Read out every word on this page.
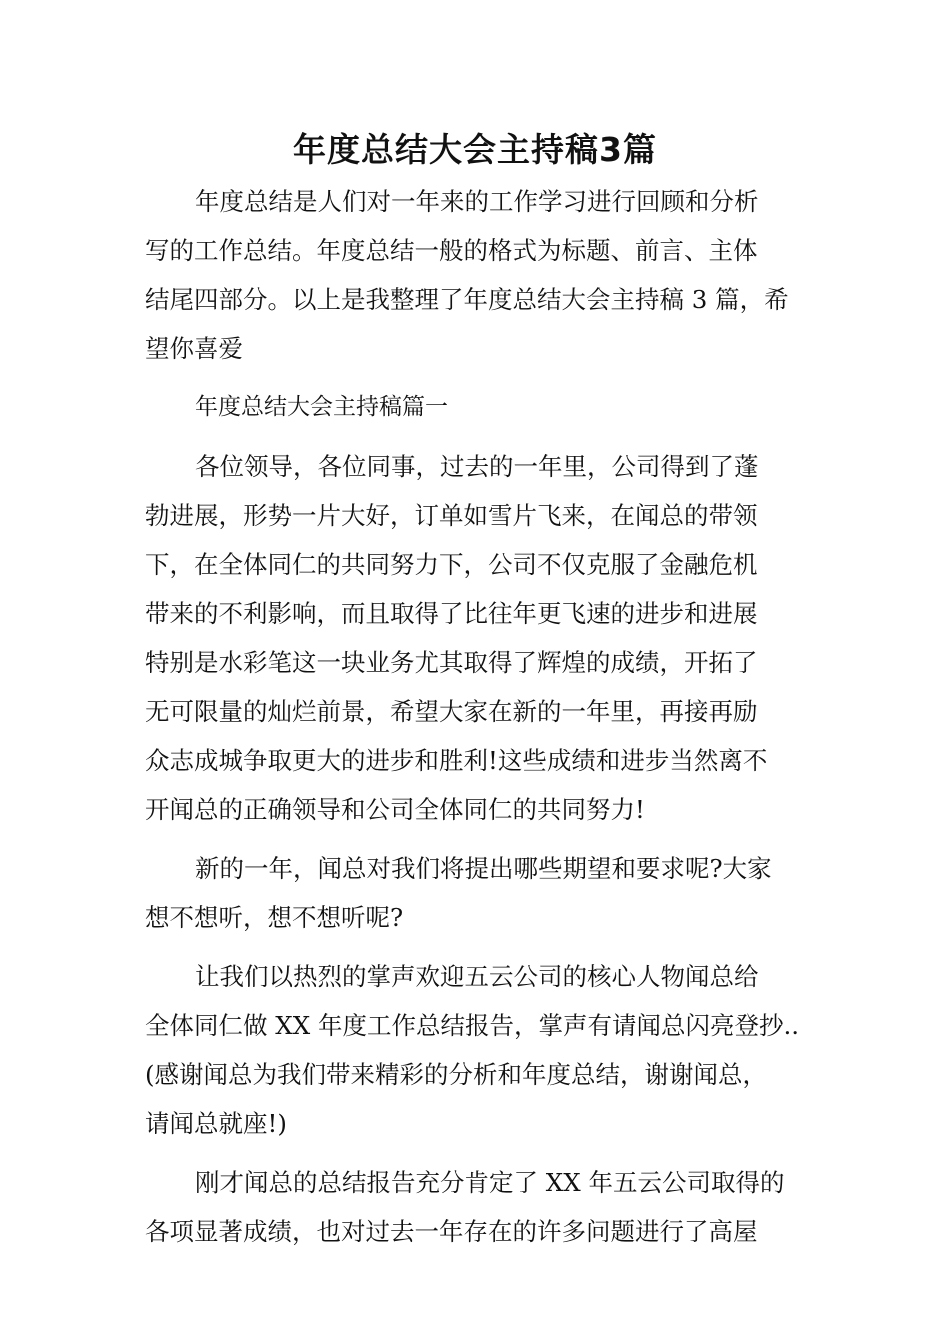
年度总结大会主持稿3篇
年度总结是人们对一年来的工作学习进行回顾和分析
写的工作总结。年度总结一般的格式为标题、前言、主体
结尾四部分。以上是我整理了年度总结大会主持稿 3 篇，希
望你喜爱
年度总结大会主持稿篇一
各位领导，各位同事，过去的一年里，公司得到了蓬
勃进展，形势一片大好，订单如雪片飞来，在闻总的带领
下，在全体同仁的共同努力下，公司不仅克服了金融危机
带来的不利影响，而且取得了比往年更飞速的进步和进展
特别是水彩笔这一块业务尤其取得了辉煌的成绩，开拓了
无可限量的灿烂前景，希望大家在新的一年里，再接再励
众志成城争取更大的进步和胜利!这些成绩和进步当然离不
开闻总的正确领导和公司全体同仁的共同努力!
新的一年，闻总对我们将提出哪些期望和要求呢?大家
想不想听，想不想听呢?
让我们以热烈的掌声欢迎五云公司的核心人物闻总给
全体同仁做 XX 年度工作总结报告，掌声有请闻总闪亮登抄..
(感谢闻总为我们带来精彩的分析和年度总结，谢谢闻总，
请闻总就座!)
刚才闻总的总结报告充分肯定了 XX 年五云公司取得的
各项显著成绩，也对过去一年存在的许多问题进行了高屋
